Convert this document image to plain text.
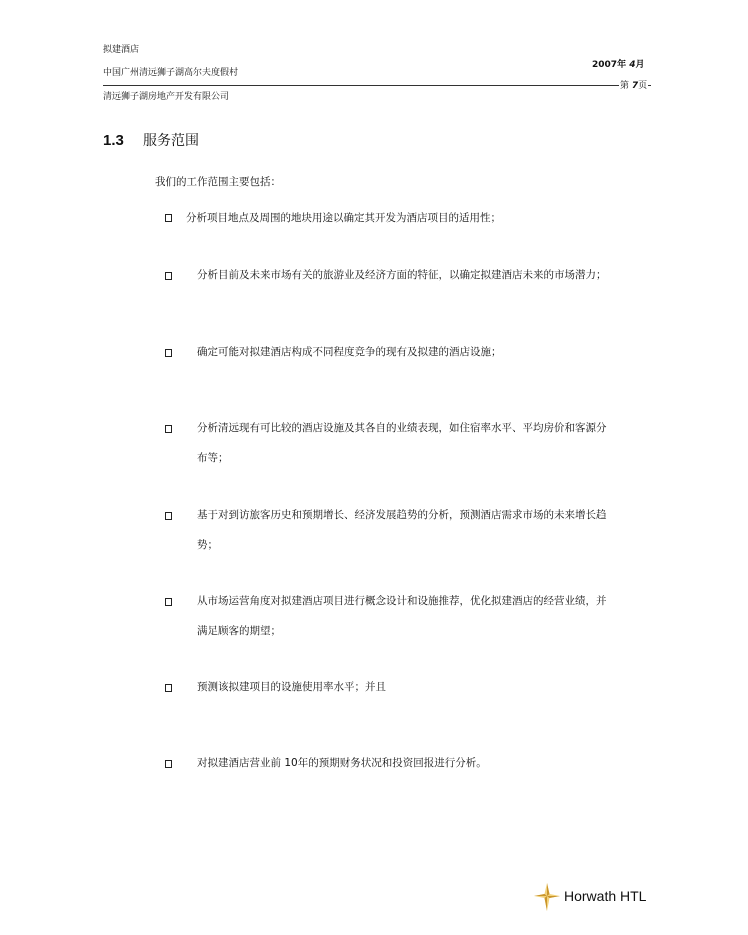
拟建酒店
中国广州清远狮子湖高尔夫度假村
2007年 4月
第 7页
清远狮子湖房地产开发有限公司
1.3 服务范围
我们的工作范围主要包括：
分析项目地点及周围的地块用途以确定其开发为酒店项目的适用性；
分析目前及未来市场有关的旅游业及经济方面的特征，以确定拟建酒店未来的市场潜力；
确定可能对拟建酒店构成不同程度竞争的现有及拟建的酒店设施；
分析清远现有可比较的酒店设施及其各自的业绩表现，如住宿率水平、平均房价和客源分
布等；
基于对到访旅客历史和预期增长、经济发展趋势的分析，预测酒店需求市场的未来增长趋
势；
从市场运营角度对拟建酒店项目进行概念设计和设施推荐，优化拟建酒店的经营业绩，并
满足顾客的期望；
预测该拟建项目的设施使用率水平；并且
对拟建酒店营业前 10年的预期财务状况和投资回报进行分析。
Horwath HTL
